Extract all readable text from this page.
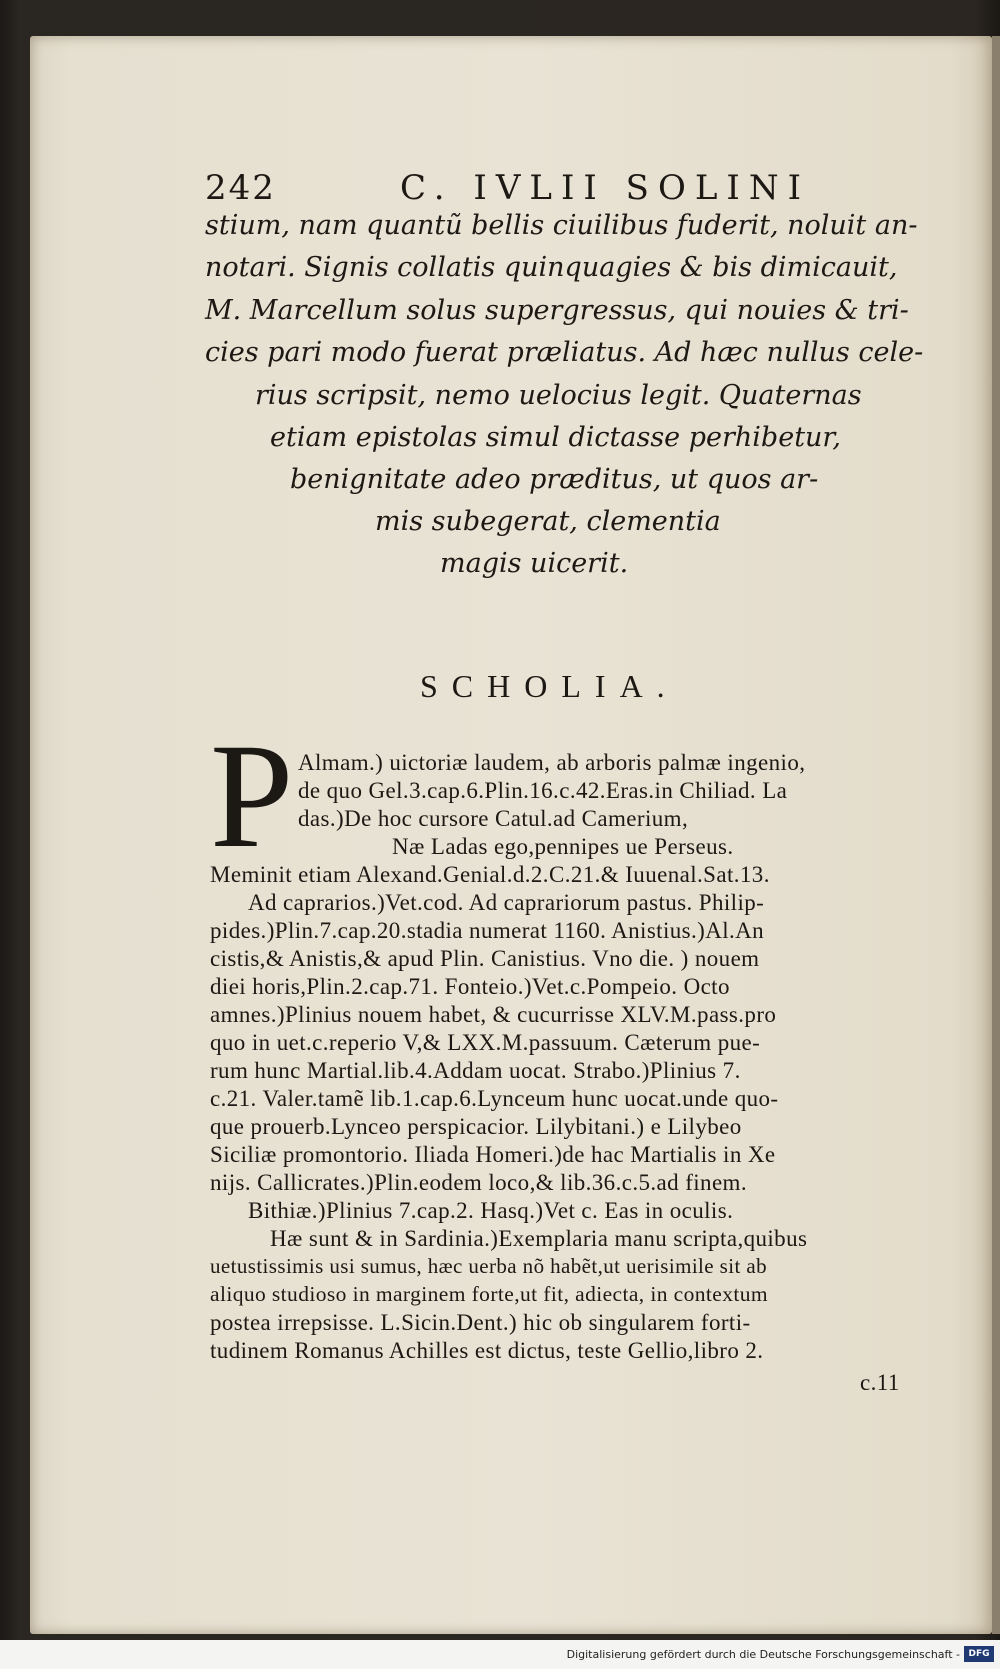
242	C. IVLII SOLINI
stium, nam quantũ bellis ciuilibus fuderit, noluit an-
notari. Signis collatis quinquagies & bis dimicauit,
M. Marcellum solus supergressus, qui nouies & tri-
cies pari modo fuerat præliatus. Ad hæc nullus cele-
rius scripsit, nemo uelocius legit. Quaternas
etiam epistolas simul dictasse perhibetur,
benignitate adeo præditus, ut quos ar-
mis subegerat, clementia
magis uicerit.
SCHOLIA.
P Almam.) uictoriæ laudem, ab arboris palmæ ingenio,
de quo Gel.3.cap.6.Plin.16.c.42.Eras.in Chiliad. La
das.)De hoc cursore Catul.ad Camerium,
Næ Ladas ego,pennipes ue Perseus.
Meminit etiam Alexand.Genial.d.2.C.21.& Iuuenal.Sat.13.
Ad caprarios.)Vet.cod. Ad caprariorum pastus. Philip-
pides.)Plin.7.cap.20.stadia numerat 1160. Anistius.)Al.An
cistis,& Anistis,& apud Plin. Canistius. Vno die. ) nouem
diei horis,Plin.2.cap.71. Fonteio.)Vet.c.Pompeio. Octo
amnes.)Plinius nouem habet, & cucurrisse XLV.M.pass.pro
quo in uet.c.reperio V,& LXX.M.passuum. Cæterum pue-
rum hunc Martial.lib.4.Addam uocat. Strabo.)Plinius 7.
c.21. Valer.tamẽ lib.1.cap.6.Lynceum hunc uocat.unde quo-
que prouerb.Lynceo perspicacior. Lilybitani.) e Lilybeo
Siciliæ promontorio. Iliada Homeri.)de hac Martialis in Xe
nijs. Callicrates.)Plin.eodem loco,& lib.36.c.5.ad finem.
Bithiæ.)Plinius 7.cap.2. Hasq.)Vet c. Eas in oculis.
Hæ sunt & in Sardinia.)Exemplaria manu scripta,quibus
uetustissimis usi sumus, hæc uerba nõ habẽt,ut uerisimile sit ab
aliquo studioso in marginem forte,ut fit, adiecta, in contextum
postea irrepsisse. L.Sicin.Dent.) hic ob singularem forti-
tudinem Romanus Achilles est dictus, teste Gellio,libro 2.
c.11
Digitalisierung gefördert durch die Deutsche Forschungsgemeinschaft - DFG
